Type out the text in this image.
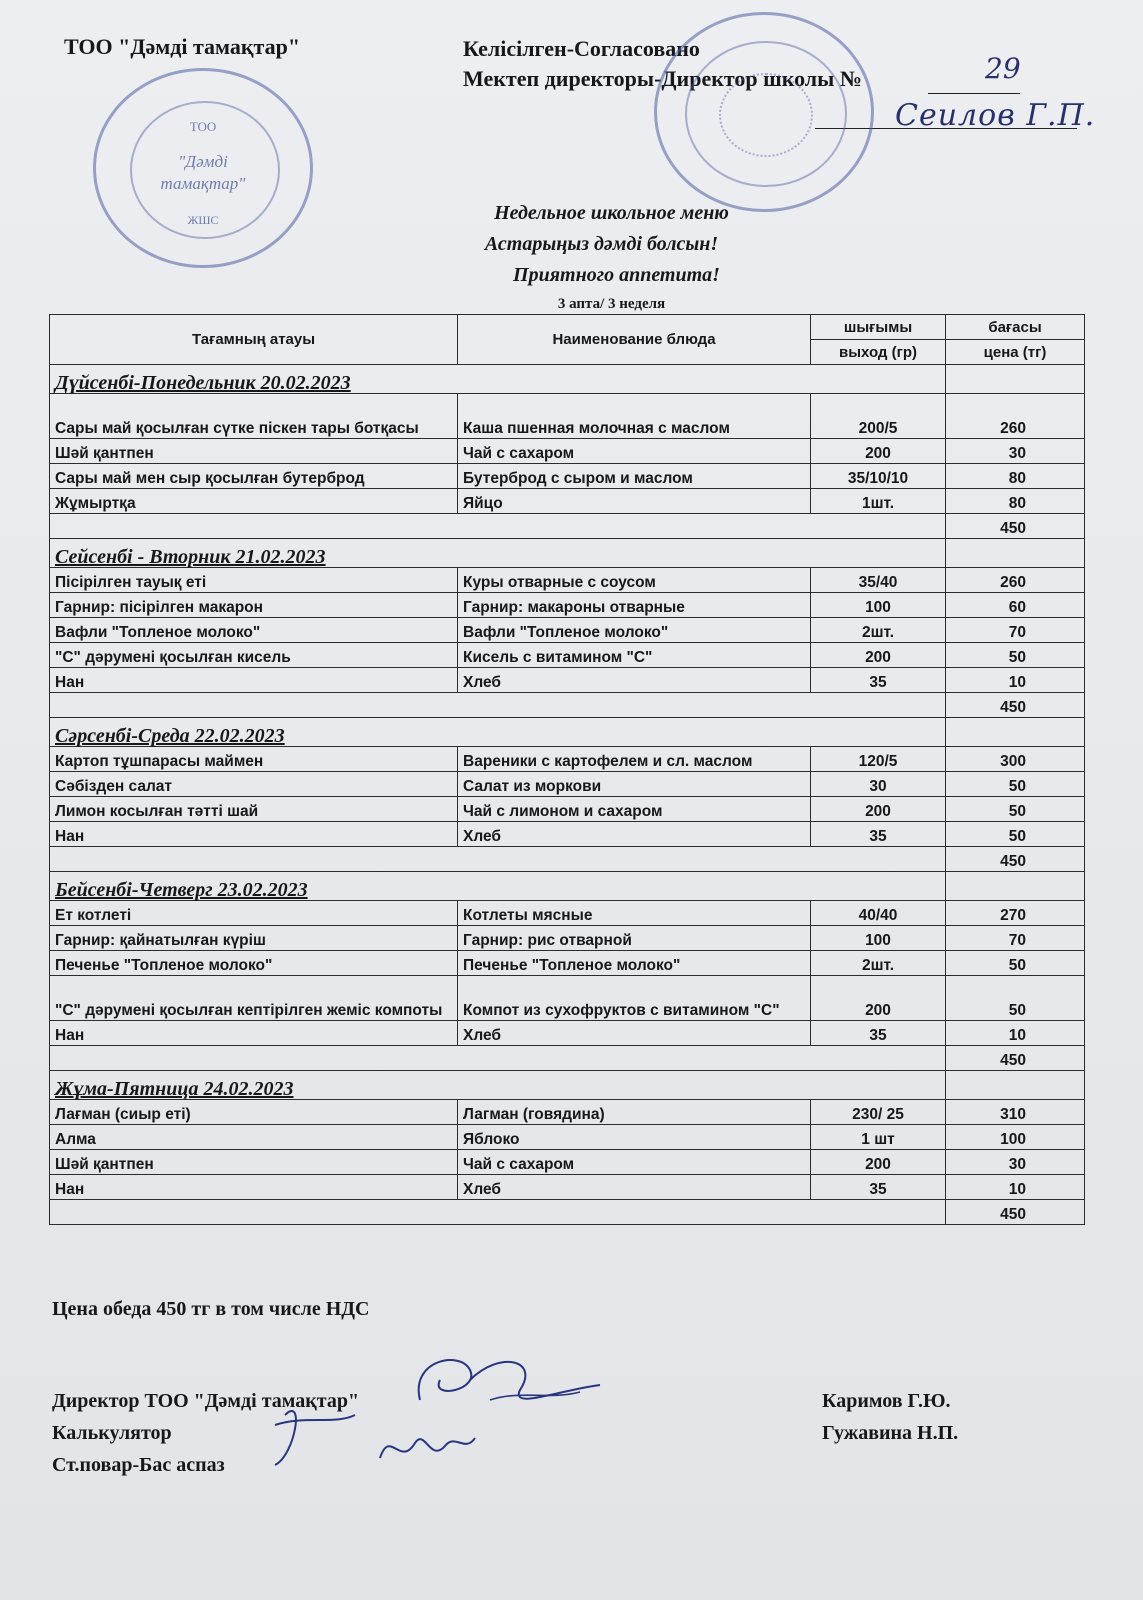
ТОО "Дәмді тамақтар"	Келісілген-Согласовано
Мектеп директоры-Директор школы №	29
Сеилов Г.П.
ТОО
"Дәмді тамақтар"
ЖШС	Недельное школьное меню
Астарыңыз дәмді болсын!
Приятного аппетита!
3 апта/ 3 неделя
Тағамның атауы	Наименование блюда	шығымы	бағасы
		выход (гр)	цена (тг)
Дүйсенбі-Понедельник 20.02.2023			
Сары май қосылған сүтке піскен тары ботқасы	Каша пшенная молочная с маслом	200/5	260
Шәй қантпен	Чай с сахаром	200	30
Сары май мен сыр қосылған бутерброд	Бутерброд с сыром и маслом	35/10/10	80
Жұмыртқа	Яйцо	1шт.	80
			450
Сейсенбі - Вторник 21.02.2023			
Пісірілген тауық еті	Куры отварные с соусом	35/40	260
Гарнир: пісірілген макарон	Гарнир: макароны отварные	100	60
Вафли "Топленое молоко"	Вафли "Топленое молоко"	2шт.	70
"С" дәрумені қосылған кисель	Кисель с витамином "С"	200	50
Нан	Хлеб	35	10
			450
Сәрсенбі-Среда 22.02.2023			
Картоп тұшпарасы маймен	Вареники с картофелем и сл. маслом	120/5	300
Сәбізден салат	Салат из моркови	30	50
Лимон косылған тәтті шай	Чай с лимоном и сахаром	200	50
Нан	Хлеб	35	50
			450
Бейсенбі-Четверг 23.02.2023			
Ет котлеті	Котлеты мясные	40/40	270
Гарнир: қайнатылған күріш	Гарнир: рис отварной	100	70
Печенье "Топленое молоко"	Печенье "Топленое молоко"	2шт.	50
"С" дәрумені қосылған кептірілген жеміс компоты	Компот из сухофруктов с витамином "С"	200	50
Нан	Хлеб	35	10
			450
Жұма-Пятница 24.02.2023			
Лағман (сиыр еті)	Лагман (говядина)	230/ 25	310
Алма	Яблоко	1 шт	100
Шәй қантпен	Чай с сахаром	200	30
Нан	Хлеб	35	10
			450
Цена обеда 450 тг в том числе НДС
Директор ТОО "Дәмді тамақтар"
Калькулятор
Ст.повар-Бас аспаз
Каримов Г.Ю.
Гужавина Н.П.
